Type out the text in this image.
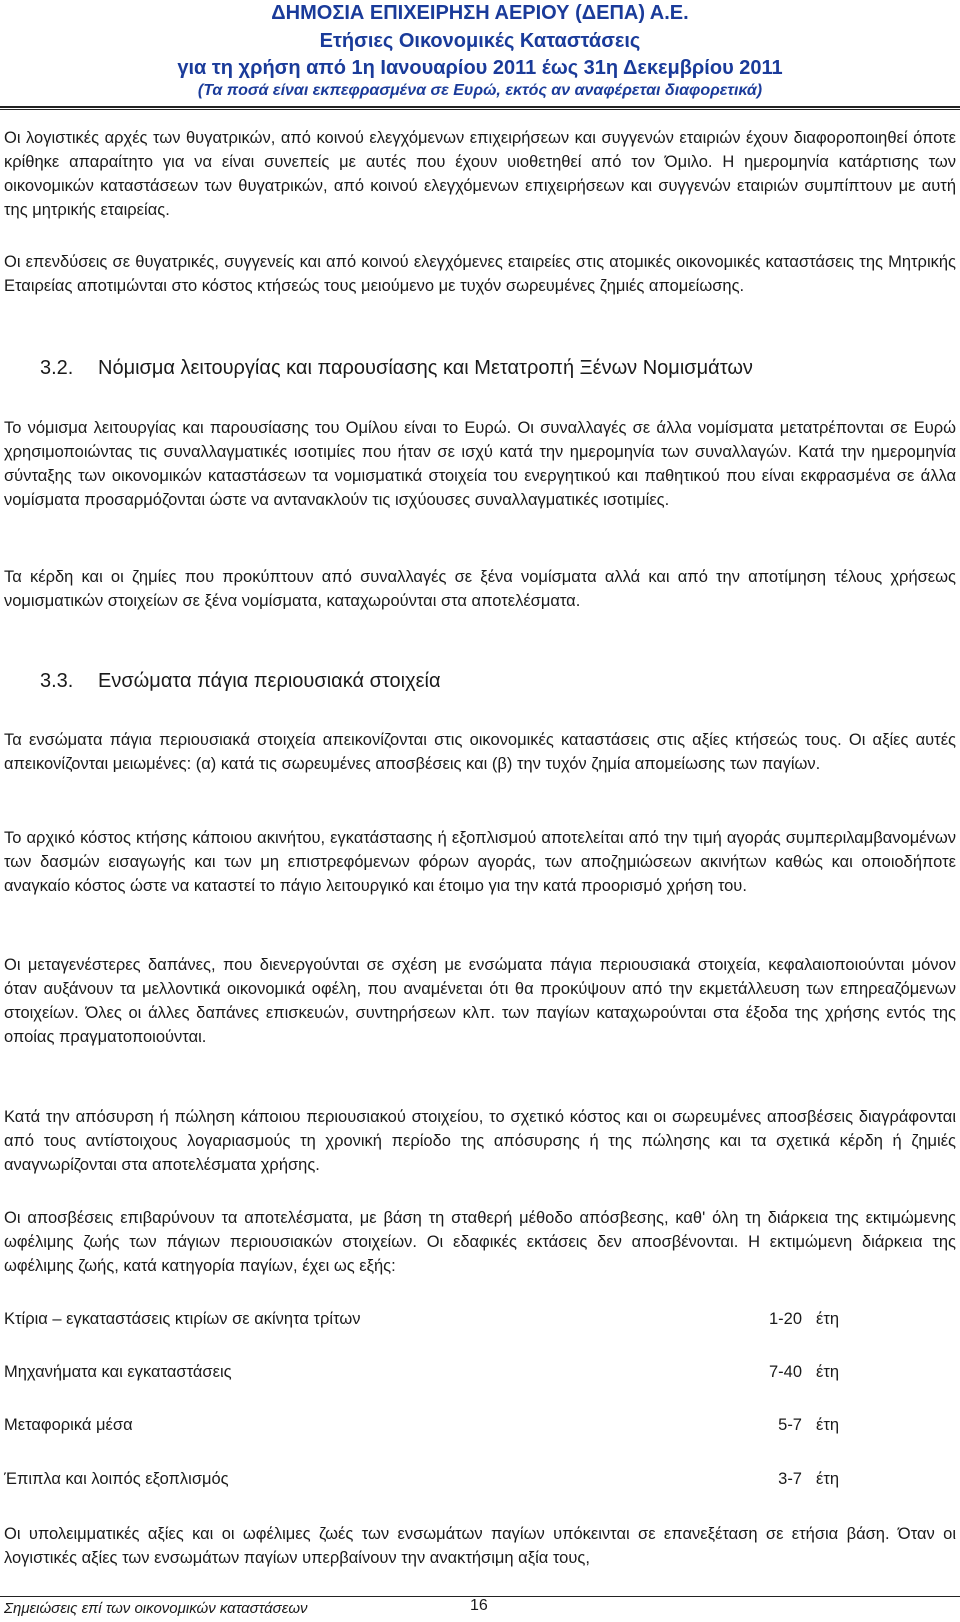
ΔΗΜΟΣΙΑ ΕΠΙΧΕΙΡΗΣΗ ΑΕΡΙΟΥ (ΔΕΠΑ) Α.Ε.
Ετήσιες Οικονομικές Καταστάσεις
για τη χρήση από 1η Ιανουαρίου 2011 έως 31η Δεκεμβρίου 2011
(Τα ποσά είναι εκπεφρασμένα σε Ευρώ, εκτός αν αναφέρεται διαφορετικά)

Οι λογιστικές αρχές των θυγατρικών, από κοινού ελεγχόμενων επιχειρήσεων και συγγενών εταιριών έχουν διαφοροποιηθεί όποτε κρίθηκε απαραίτητο για να είναι συνεπείς με αυτές που έχουν υιοθετηθεί από τον Όμιλο. Η ημερομηνία κατάρτισης των οικονομικών καταστάσεων των θυγατρικών, από κοινού ελεγχόμενων επιχειρήσεων και συγγενών εταιριών συμπίπτουν με αυτή της μητρικής εταιρείας.

Οι επενδύσεις σε θυγατρικές, συγγενείς και από κοινού ελεγχόμενες εταιρείες στις ατομικές οικονομικές καταστάσεις της Μητρικής Εταιρείας αποτιμώνται στο κόστος κτήσεώς τους μειούμενο με τυχόν σωρευμένες ζημιές απομείωσης.

3.2. Νόμισμα λειτουργίας και παρουσίασης και Μετατροπή Ξένων Νομισμάτων

Το νόμισμα λειτουργίας και παρουσίασης του Ομίλου είναι το Ευρώ. Οι συναλλαγές σε άλλα νομίσματα μετατρέπονται σε Ευρώ χρησιμοποιώντας τις συναλλαγματικές ισοτιμίες που ήταν σε ισχύ κατά την ημερομηνία των συναλλαγών. Κατά την ημερομηνία σύνταξης των οικονομικών καταστάσεων τα νομισματικά στοιχεία του ενεργητικού και παθητικού που είναι εκφρασμένα σε άλλα νομίσματα προσαρμόζονται ώστε να αντανακλούν τις ισχύουσες συναλλαγματικές ισοτιμίες.

Τα κέρδη και οι ζημίες που προκύπτουν από συναλλαγές σε ξένα νομίσματα αλλά και από την αποτίμηση τέλους χρήσεως νομισματικών στοιχείων σε ξένα νομίσματα, καταχωρούνται στα αποτελέσματα.

3.3. Ενσώματα πάγια περιουσιακά στοιχεία

Τα ενσώματα πάγια περιουσιακά στοιχεία απεικονίζονται στις οικονομικές καταστάσεις στις αξίες κτήσεώς τους. Οι αξίες αυτές απεικονίζονται μειωμένες: (α) κατά τις σωρευμένες αποσβέσεις και (β) την τυχόν ζημία απομείωσης των παγίων.

Το αρχικό κόστος κτήσης κάποιου ακινήτου, εγκατάστασης ή εξοπλισμού αποτελείται από την τιμή αγοράς συμπεριλαμβανομένων των δασμών εισαγωγής και των μη επιστρεφόμενων φόρων αγοράς, των αποζημιώσεων ακινήτων καθώς και οποιοδήποτε αναγκαίο κόστος ώστε να καταστεί το πάγιο λειτουργικό και έτοιμο για την κατά προορισμό χρήση του.

Οι μεταγενέστερες δαπάνες, που διενεργούνται σε σχέση με ενσώματα πάγια περιουσιακά στοιχεία, κεφαλαιοποιούνται μόνον όταν αυξάνουν τα μελλοντικά οικονομικά οφέλη, που αναμένεται ότι θα προκύψουν από την εκμετάλλευση των επηρεαζόμενων στοιχείων. Όλες οι άλλες δαπάνες επισκευών, συντηρήσεων κλπ. των παγίων καταχωρούνται στα έξοδα της χρήσης εντός της οποίας πραγματοποιούνται.

Κατά την απόσυρση ή πώληση κάποιου περιουσιακού στοιχείου, το σχετικό κόστος και οι σωρευμένες αποσβέσεις διαγράφονται από τους αντίστοιχους λογαριασμούς τη χρονική περίοδο της απόσυρσης ή της πώλησης και τα σχετικά κέρδη ή ζημιές αναγνωρίζονται στα αποτελέσματα χρήσης.

Οι αποσβέσεις επιβαρύνουν τα αποτελέσματα, με βάση τη σταθερή μέθοδο απόσβεσης, καθ' όλη τη διάρκεια της εκτιμώμενης ωφέλιμης ζωής των πάγιων περιουσιακών στοιχείων. Οι εδαφικές εκτάσεις δεν αποσβένονται. Η εκτιμώμενη διάρκεια της ωφέλιμης ζωής, κατά κατηγορία παγίων, έχει ως εξής:

Κτίρια – εγκαταστάσεις κτιρίων σε ακίνητα τρίτων	1-20 έτη
Μηχανήματα και εγκαταστάσεις	7-40 έτη
Μεταφορικά μέσα	5-7 έτη
Έπιπλα και λοιπός εξοπλισμός	3-7 έτη

Οι υπολειμματικές αξίες και οι ωφέλιμες ζωές των ενσωμάτων παγίων υπόκεινται σε επανεξέταση σε ετήσια βάση. Όταν οι λογιστικές αξίες των ενσωμάτων παγίων υπερβαίνουν την ανακτήσιμη αξία τους,

Σημειώσεις επί των οικονομικών καταστάσεων	16
